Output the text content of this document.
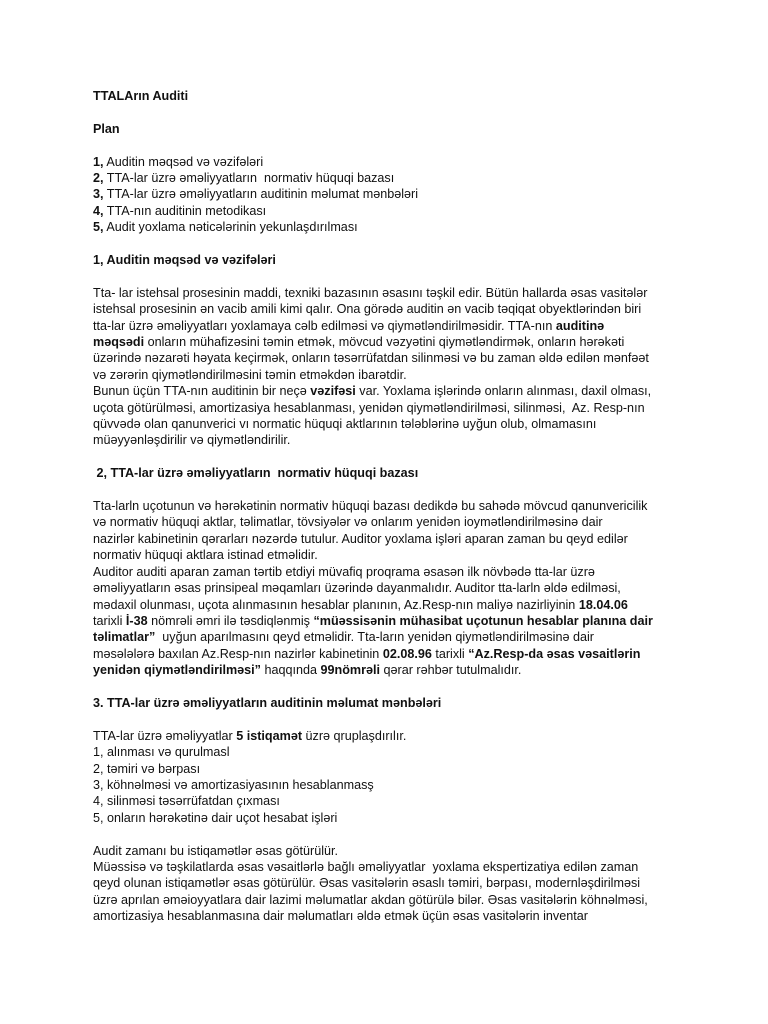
TTALArın Auditi

Plan

1, Auditin məqsəd və vəzifələri

2, TTA-lar üzrə əməliyyatların  normativ hüquqi bazası

3, TTA-lar üzrə əməliyyatların auditinin məlumat mənbələri

4, TTA-nın auditinin metodikası

5, Audit yoxlama nəticələrinin yekunlaşdırılması

1, Auditin məqsəd və vəzifələri

Tta- lar istehsal prosesinin maddi, texniki bazasının əsasını təşkil edir. Bütün hallarda əsas vasitələr

istehsal prosesinin ən vacib amili kimi qalır. Ona görədə auditin ən vacib təqiqat obyektlərindən biri

tta-lar üzrə əməliyyatları yoxlamaya cəlb edilməsi və qiymətləndirilməsidir. TTA-nın auditinə

məqsədi onların mühafizəsini təmin etmək, mövcud vəzyətini qiymətləndirmək, onların hərəkəti

üzərində nəzarəti həyata keçirmək, onların təsərrüfatdan silinməsi və bu zaman əldə edilən mənfəət

və zərərin qiymətləndirilməsini təmin etməkdən ibarətdir.

Bunun üçün TTA-nın auditinin bir neçə vəzifəsi var. Yoxlama işlərində onların alınması, daxil olması,

uçota götürülməsi, amortizasiya hesablanması, yenidən qiymətləndirilməsi, silinməsi,  Az. Resp-nın

qüvvədə olan qanunverici vı normatic hüquqi aktlarının tələblərinə uyğun olub, olmamasını

müəyyənləşdirilir və qiymətləndirilir.

2, TTA-lar üzrə əməliyyatların  normativ hüquqi bazası

Tta-larln uçotunun və hərəkətinin normativ hüquqi bazası dedikdə bu sahədə mövcud qanunvericilik

və normativ hüquqi aktlar, təlimatlar, tövsiyələr və onlarım yenidən ioymətləndirilməsinə dair

nazirlər kabinetinin qərarları nəzərdə tutulur. Auditor yoxlama işləri aparan zaman bu qeyd edilər

normativ hüquqi aktlara istinad etməlidir.

Auditor auditi aparan zaman tərtib etdiyi müvafiq proqrama əsasən ilk növbədə tta-lar üzrə

əməliyyatların əsas prinsipeal məqamları üzərində dayanmalıdır. Auditor tta-larln əldə edilməsi,

mədaxil olunması, uçota alınmasının hesablar planının, Az.Resp-nın maliyə nazirliyinin 18.04.06

tarixli İ-38 nömrəli əmri ilə təsdiqlənmiş “müəssisənin mühasibat uçotunun hesablar planına dair

təlimatlar”  uyğun aparılmasını qeyd etməlidir. Tta-ların yenidən qiymətləndirilməsinə dair

məsələlərə baxılan Az.Resp-nın nazirlər kabinetinin 02.08.96 tarixli “Az.Resp-da əsas vəsaitlərin

yenidən qiymətləndirilməsi” haqqında 99nömrəli qərar rəhbər tutulmalıdır.

3. TTA-lar üzrə əməliyyatların auditinin məlumat mənbələri

TTA-lar üzrə əməliyyatlar 5 istiqamət üzrə qruplaşdırılır.

1, alınması və qurulmasl

2, təmiri və bərpası

3, köhnəlməsi və amortizasiyasının hesablanmasş

4, silinməsi təsərrüfatdan çıxması

5, onların hərəkətinə dair uçot hesabat işləri

Audit zamanı bu istiqamətlər əsas götürülür.

Müəssisə və təşkilatlarda əsas vəsaitlərlə bağlı əməliyyatlar  yoxlama ekspertizatiya edilən zaman

qeyd olunan istiqamətlər əsas götürülür. Əsas vasitələrin əsaslı təmiri, bərpası, modernləşdirilməsi

üzrə aprılan əməioyyatlara dair lazimi məlumatlar akdan götürülə bilər. Əsas vasitələrin köhnəlməsi,

amortizasiya hesablanmasına dair məlumatları əldə etmək üçün əsas vasitələrin inventar
